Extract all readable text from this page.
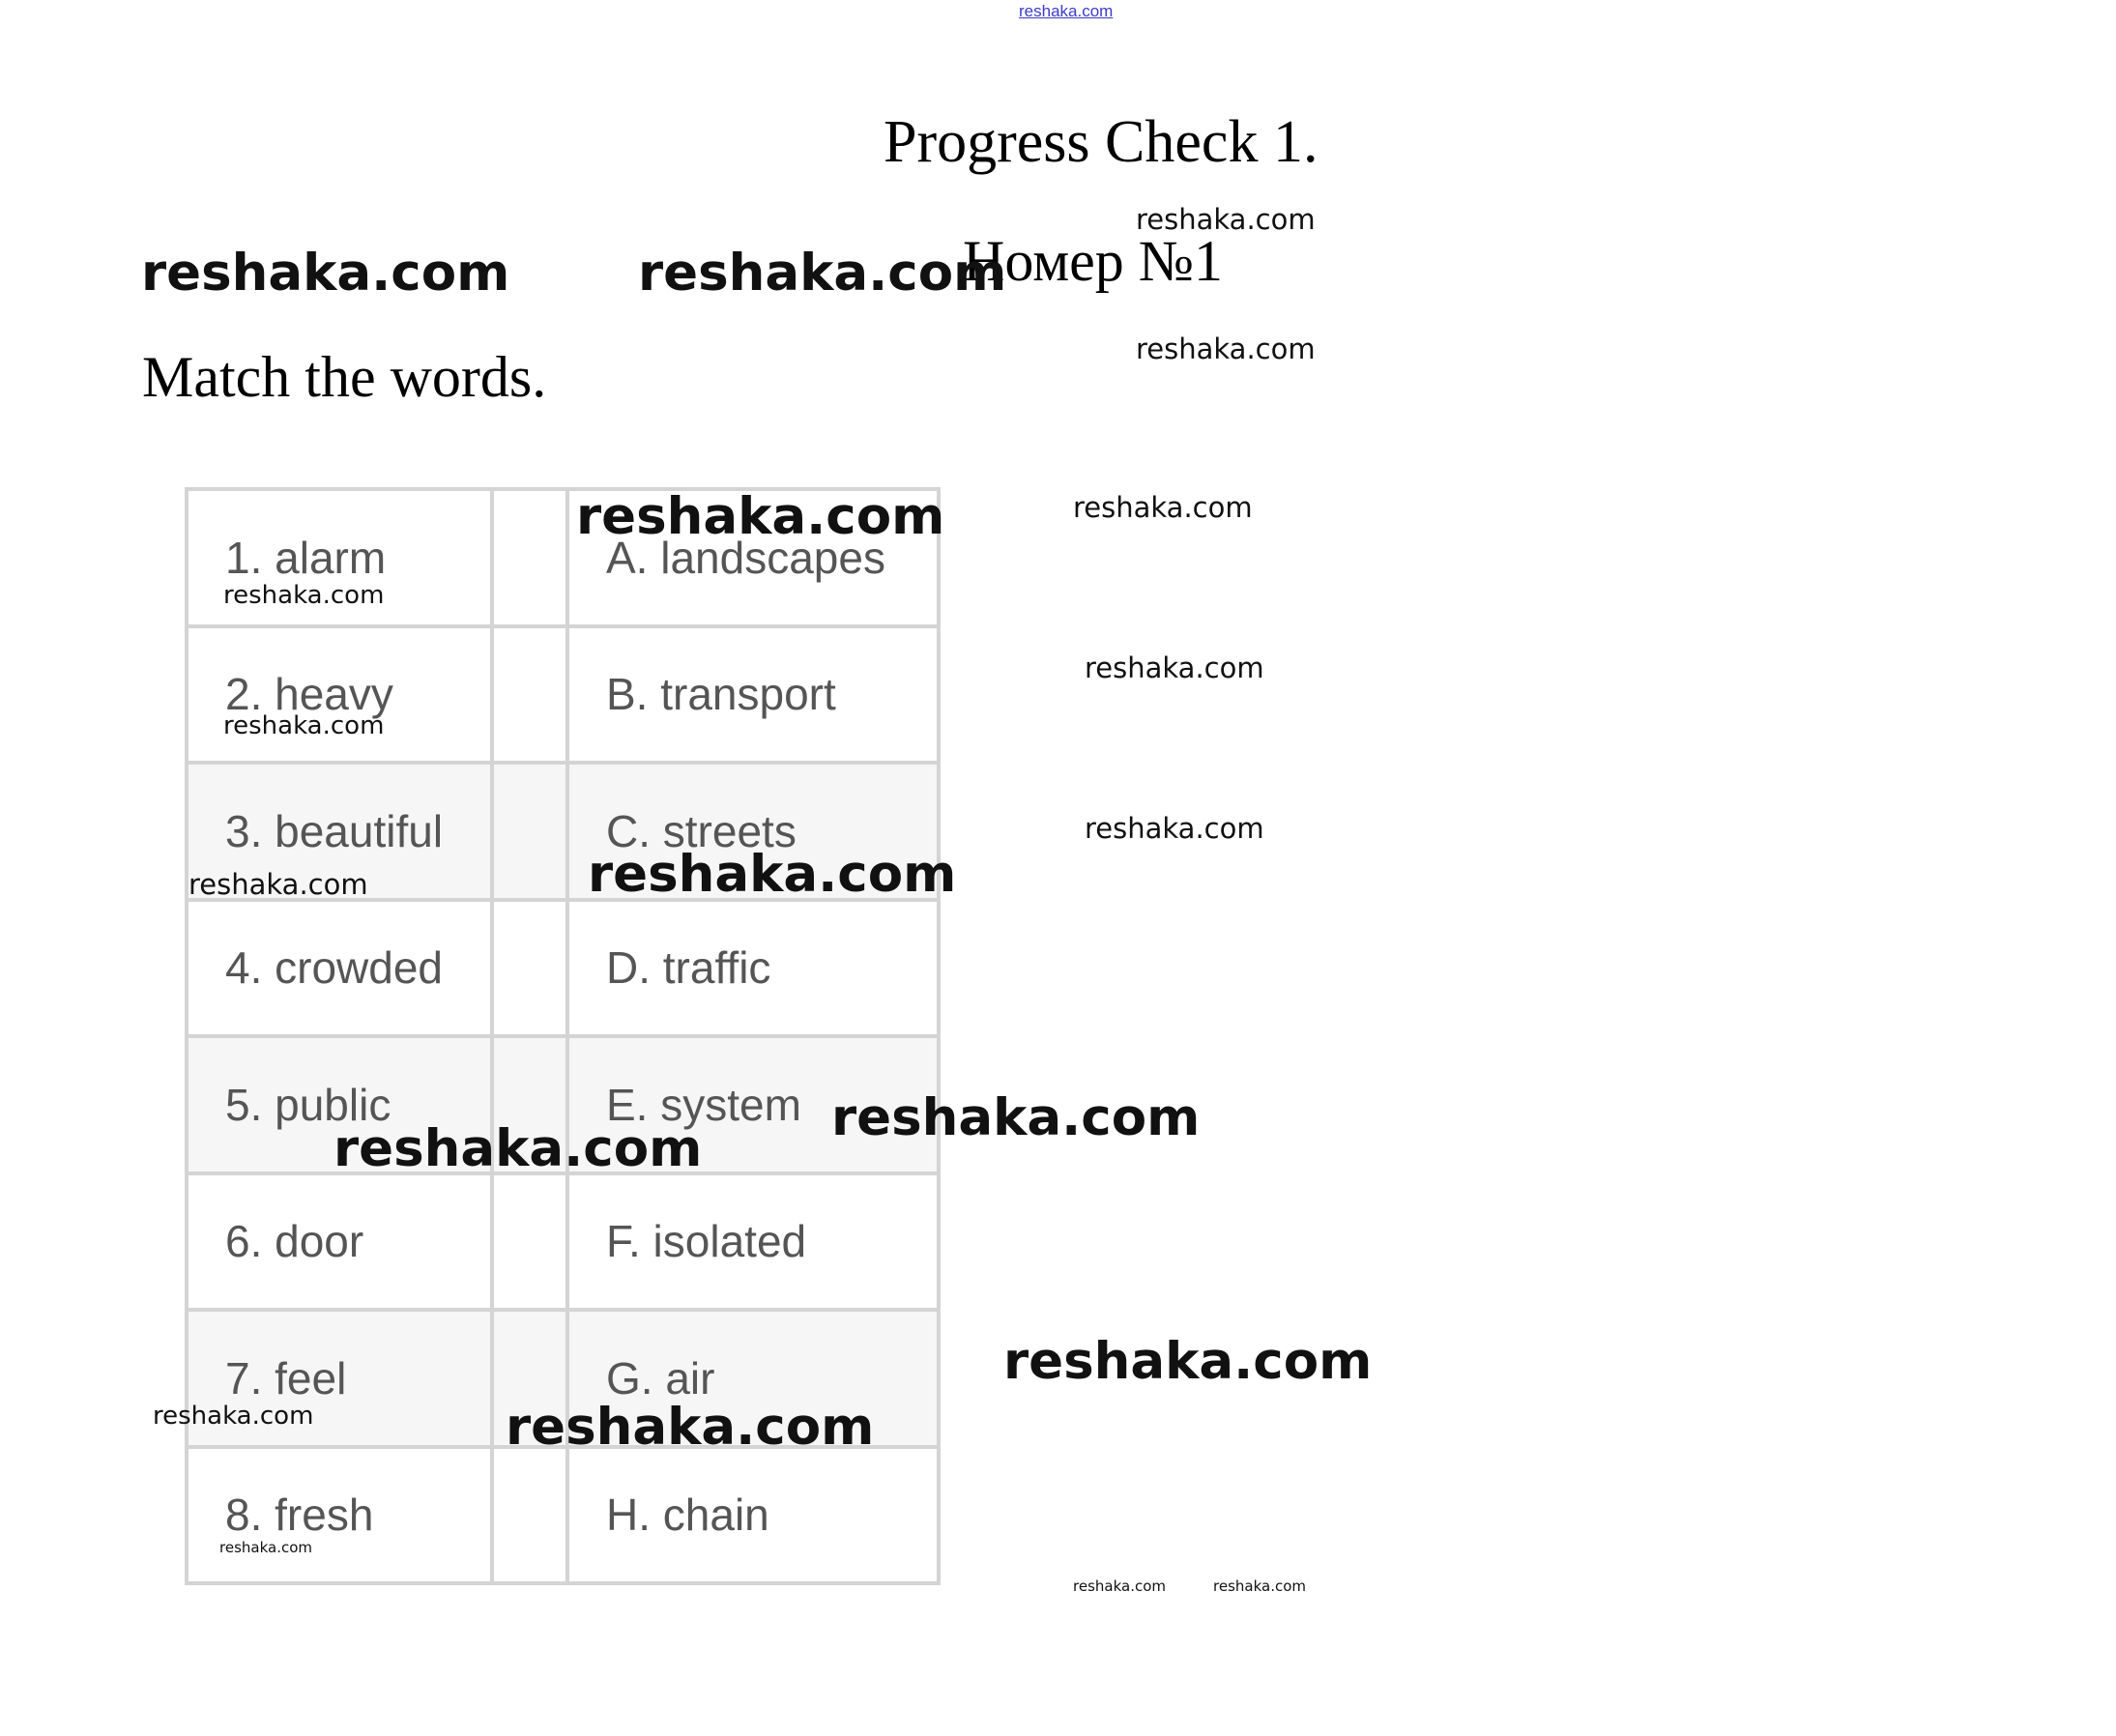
reshaka.com
Progress Check 1.
Номер №1
Match the words.
1. alarm		A. landscapes
2. heavy		B. transport
3. beautiful		C. streets
4. crowded		D. traffic
5. public		E. system
6. door		F. isolated
7. feel		G. air
8. fresh		H. chain
reshaka.com	reshaka.com
reshaka.com
reshaka.com
reshaka.com	reshaka.com
reshaka.com
reshaka.com
reshaka.com
reshaka.com
reshaka.com
reshaka.com
reshaka.com
reshaka.com
reshaka.com
reshaka.com	reshaka.com
reshaka.com
reshaka.com	reshaka.com
